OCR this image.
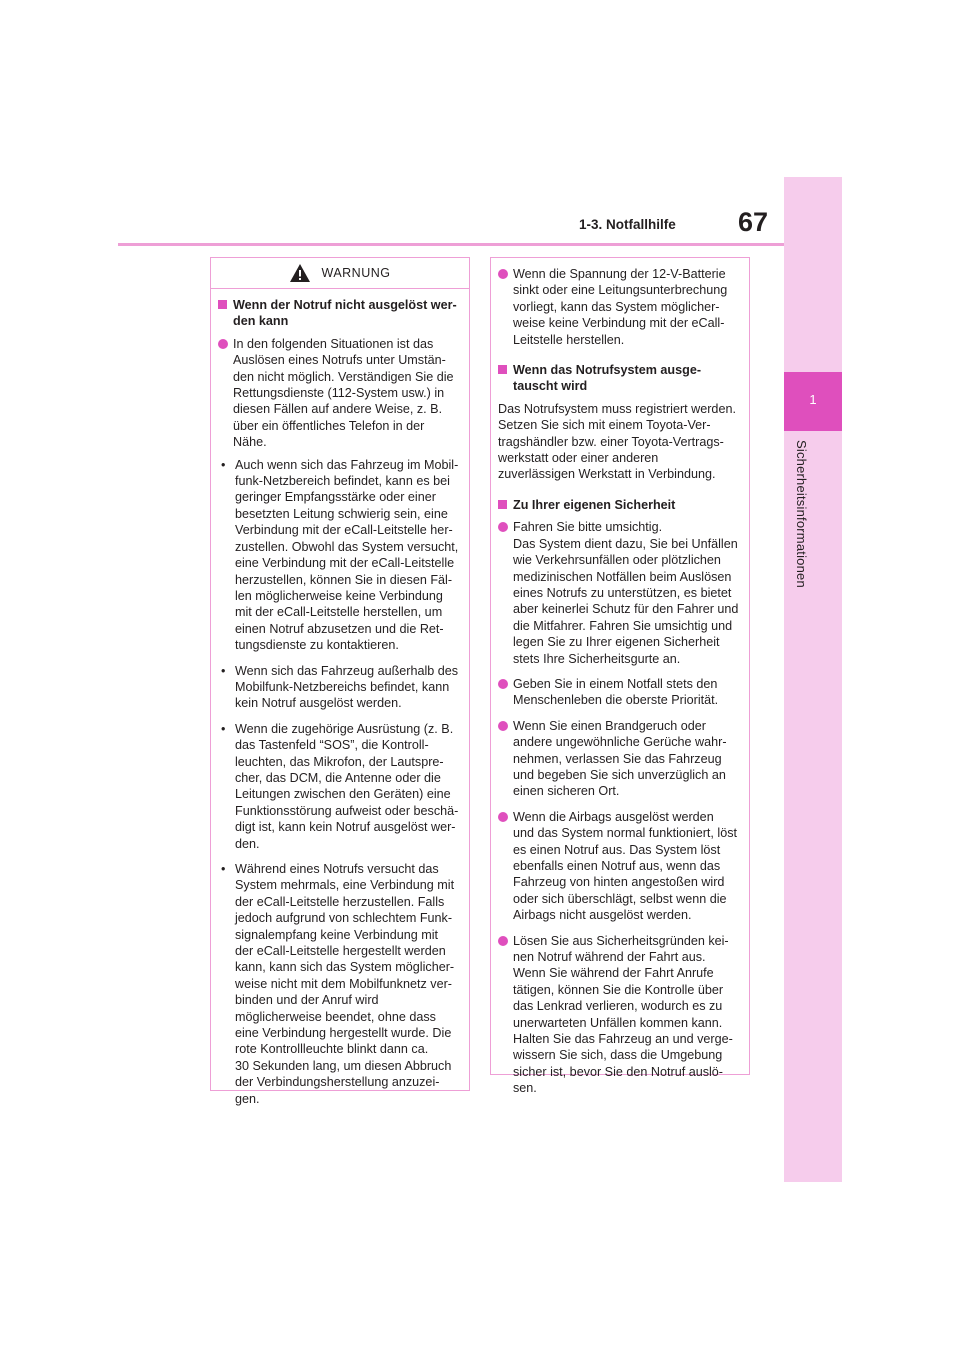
1-3. Notfallhilfe 67
1
Sicherheitsinformationen
WARNUNG
Wenn der Notruf nicht ausgelöst wer-
den kann
In den folgenden Situationen ist das
Auslösen eines Notrufs unter Umstän-
den nicht möglich. Verständigen Sie die
Rettungsdienste (112-System usw.) in
diesen Fällen auf andere Weise, z. B.
über ein öffentliches Telefon in der
Nähe.
• Auch wenn sich das Fahrzeug im Mobil-
funk-Netzbereich befindet, kann es bei
geringer Empfangsstärke oder einer
besetzten Leitung schwierig sein, eine
Verbindung mit der eCall-Leitstelle her-
zustellen. Obwohl das System versucht,
eine Verbindung mit der eCall-Leitstelle
herzustellen, können Sie in diesen Fäl-
len möglicherweise keine Verbindung
mit der eCall-Leitstelle herstellen, um
einen Notruf abzusetzen und die Ret-
tungsdienste zu kontaktieren.
• Wenn sich das Fahrzeug außerhalb des
Mobilfunk-Netzbereichs befindet, kann
kein Notruf ausgelöst werden.
• Wenn die zugehörige Ausrüstung (z. B.
das Tastenfeld “SOS”, die Kontroll-
leuchten, das Mikrofon, der Lautspre-
cher, das DCM, die Antenne oder die
Leitungen zwischen den Geräten) eine
Funktionsstörung aufweist oder beschä-
digt ist, kann kein Notruf ausgelöst wer-
den.
• Während eines Notrufs versucht das
System mehrmals, eine Verbindung mit
der eCall-Leitstelle herzustellen. Falls
jedoch aufgrund von schlechtem Funk-
signalempfang keine Verbindung mit
der eCall-Leitstelle hergestellt werden
kann, kann sich das System möglicher-
weise nicht mit dem Mobilfunknetz ver-
binden und der Anruf wird
möglicherweise beendet, ohne dass
eine Verbindung hergestellt wurde. Die
rote Kontrollleuchte blinkt dann ca.
30 Sekunden lang, um diesen Abbruch
der Verbindungsherstellung anzuzei-
gen.
Wenn die Spannung der 12-V-Batterie
sinkt oder eine Leitungsunterbrechung
vorliegt, kann das System möglicher-
weise keine Verbindung mit der eCall-
Leitstelle herstellen.
Wenn das Notrufsystem ausge-
tauscht wird
Das Notrufsystem muss registriert werden.
Setzen Sie sich mit einem Toyota-Ver-
tragshändler bzw. einer Toyota-Vertrags-
werkstatt oder einer anderen
zuverlässigen Werkstatt in Verbindung.
Zu Ihrer eigenen Sicherheit
Fahren Sie bitte umsichtig.
Das System dient dazu, Sie bei Unfällen
wie Verkehrsunfällen oder plötzlichen
medizinischen Notfällen beim Auslösen
eines Notrufs zu unterstützen, es bietet
aber keinerlei Schutz für den Fahrer und
die Mitfahrer. Fahren Sie umsichtig und
legen Sie zu Ihrer eigenen Sicherheit
stets Ihre Sicherheitsgurte an.
Geben Sie in einem Notfall stets den
Menschenleben die oberste Priorität.
Wenn Sie einen Brandgeruch oder
andere ungewöhnliche Gerüche wahr-
nehmen, verlassen Sie das Fahrzeug
und begeben Sie sich unverzüglich an
einen sicheren Ort.
Wenn die Airbags ausgelöst werden
und das System normal funktioniert, löst
es einen Notruf aus. Das System löst
ebenfalls einen Notruf aus, wenn das
Fahrzeug von hinten angestoßen wird
oder sich überschlägt, selbst wenn die
Airbags nicht ausgelöst werden.
Lösen Sie aus Sicherheitsgründen kei-
nen Notruf während der Fahrt aus.
Wenn Sie während der Fahrt Anrufe
tätigen, können Sie die Kontrolle über
das Lenkrad verlieren, wodurch es zu
unerwarteten Unfällen kommen kann.
Halten Sie das Fahrzeug an und verge-
wissern Sie sich, dass die Umgebung
sicher ist, bevor Sie den Notruf auslö-
sen.
